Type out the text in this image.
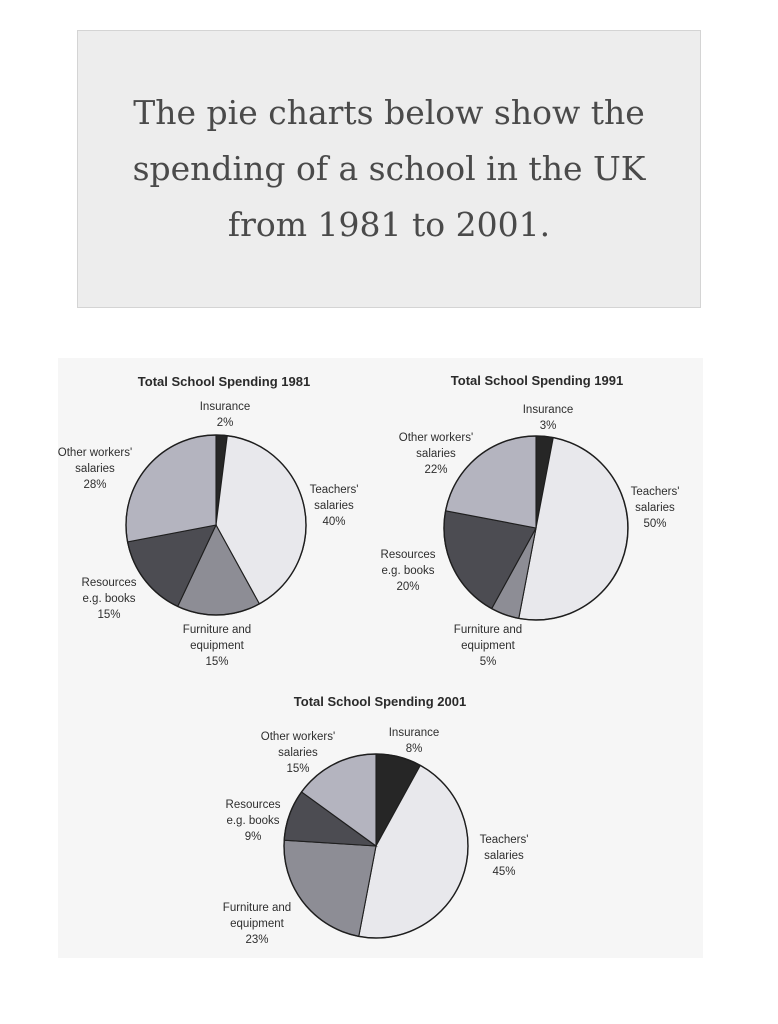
The pie charts below show the spending of a school in the UK from 1981 to 2001.
Total School Spending 1981
Insurance 2%
Teachers' salaries 40%
Furniture and equipment 15%
Resources e.g. books 15%
Other workers' salaries 28%
Total School Spending 1991
Insurance 3%
Teachers' salaries 50%
Furniture and equipment 5%
Resources e.g. books 20%
Other workers' salaries 22%
Total School Spending 2001
Insurance 8%
Teachers' salaries 45%
Furniture and equipment 23%
Resources e.g. books 9%
Other workers' salaries 15%
